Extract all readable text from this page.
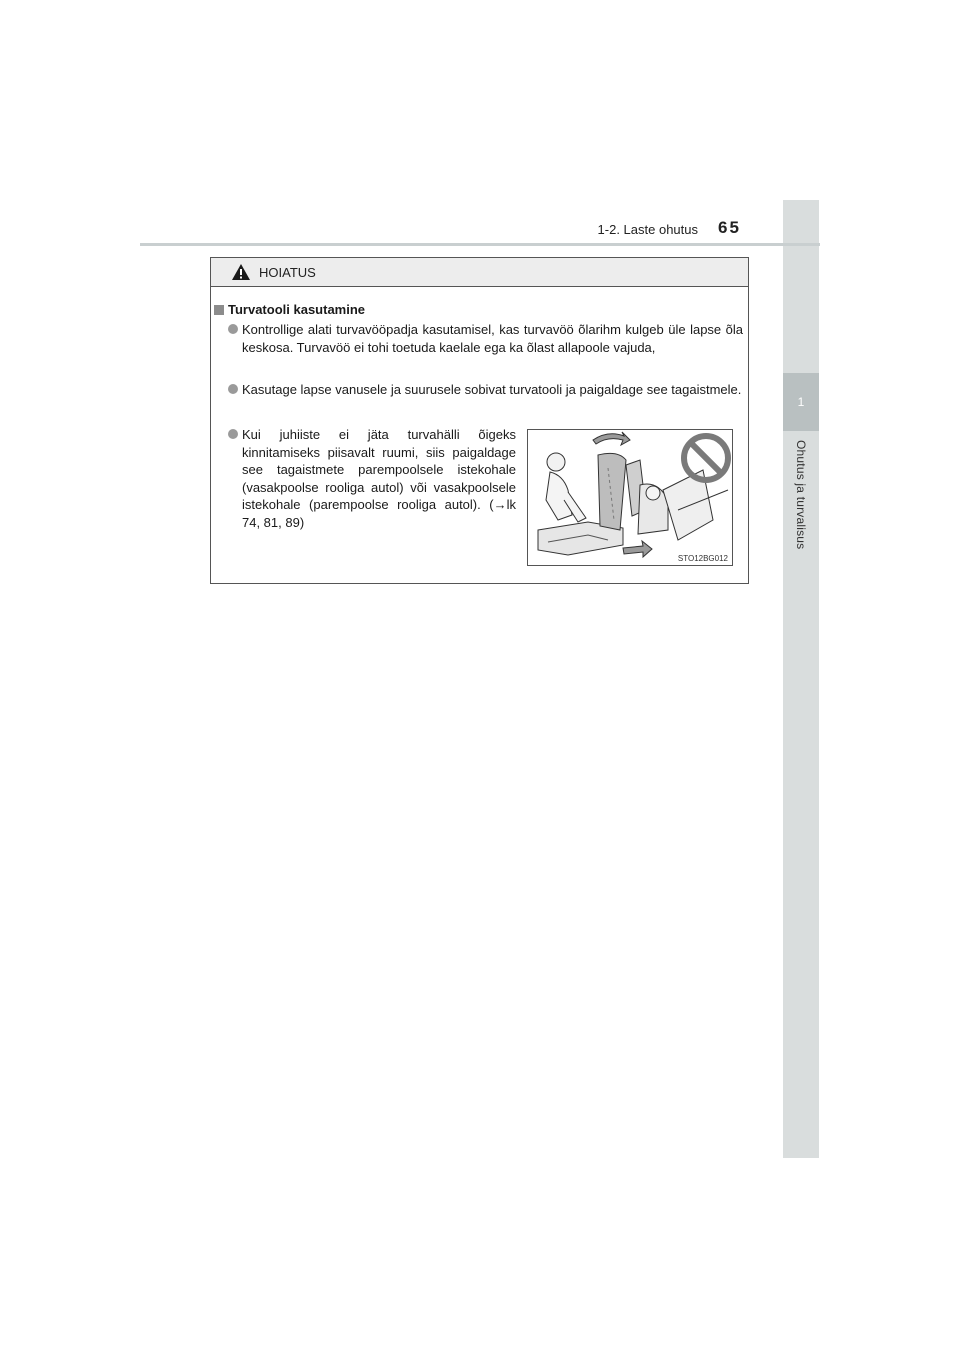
1
Ohutus ja turvalisus
1-2. Laste ohutus 65
HOIATUS
Turvatooli kasutamine
Kontrollige alati turvavööpadja kasutamisel, kas turvavöö õlarihm kulgeb üle lapse õla keskosa. Turvavöö ei tohi toetuda kaelale ega ka õlast allapoole vajuda,
Kasutage lapse vanusele ja suurusele sobivat turvatooli ja paigaldage see tagaistmele.
Kui juhiiste ei jäta turvahälli õigeks kinnitamiseks piisavalt ruumi, siis paigaldage see tagaistmete parempoolsele istekohale (vasakpoolse rooliga autol) või vasakpoolsele istekohale (parempoolse rooliga autol). (→lk 74, 81, 89)
STO12BG012
